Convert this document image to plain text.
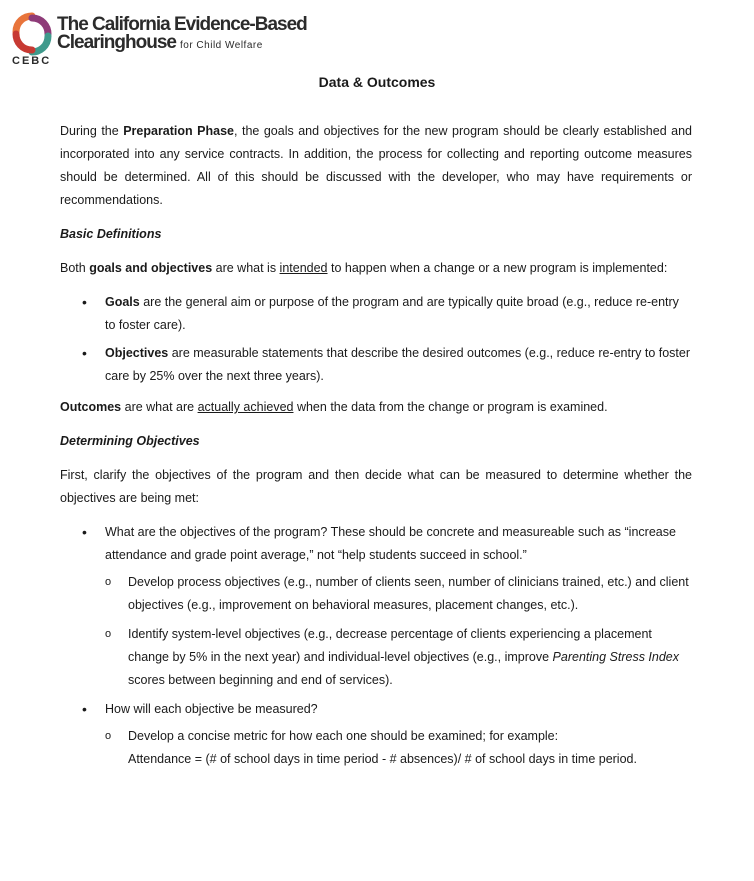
The California Evidence-Based
Clearinghouse for Child Welfare
CEBC
Data & Outcomes

During the Preparation Phase, the goals and objectives for the new program should be clearly established and incorporated into any service contracts. In addition, the process for collecting and reporting outcome measures should be determined. All of this should be discussed with the developer, who may have requirements or recommendations.

Basic Definitions

Both goals and objectives are what is intended to happen when a change or a new program is implemented:

• Goals are the general aim or purpose of the program and are typically quite broad (e.g., reduce re-entry to foster care).
• Objectives are measurable statements that describe the desired outcomes (e.g., reduce re-entry to foster care by 25% over the next three years).

Outcomes are what are actually achieved when the data from the change or program is examined.

Determining Objectives

First, clarify the objectives of the program and then decide what can be measured to determine whether the objectives are being met:

• What are the objectives of the program? These should be concrete and measureable such as “increase attendance and grade point average,” not “help students succeed in school.”
o Develop process objectives (e.g., number of clients seen, number of clinicians trained, etc.) and client objectives (e.g., improvement on behavioral measures, placement changes, etc.).
o Identify system-level objectives (e.g., decrease percentage of clients experiencing a placement change by 5% in the next year) and individual-level objectives (e.g., improve Parenting Stress Index scores between beginning and end of services).
• How will each objective be measured?
o Develop a concise metric for how each one should be examined; for example:
Attendance = (# of school days in time period - # absences)/ # of school days in time period.
